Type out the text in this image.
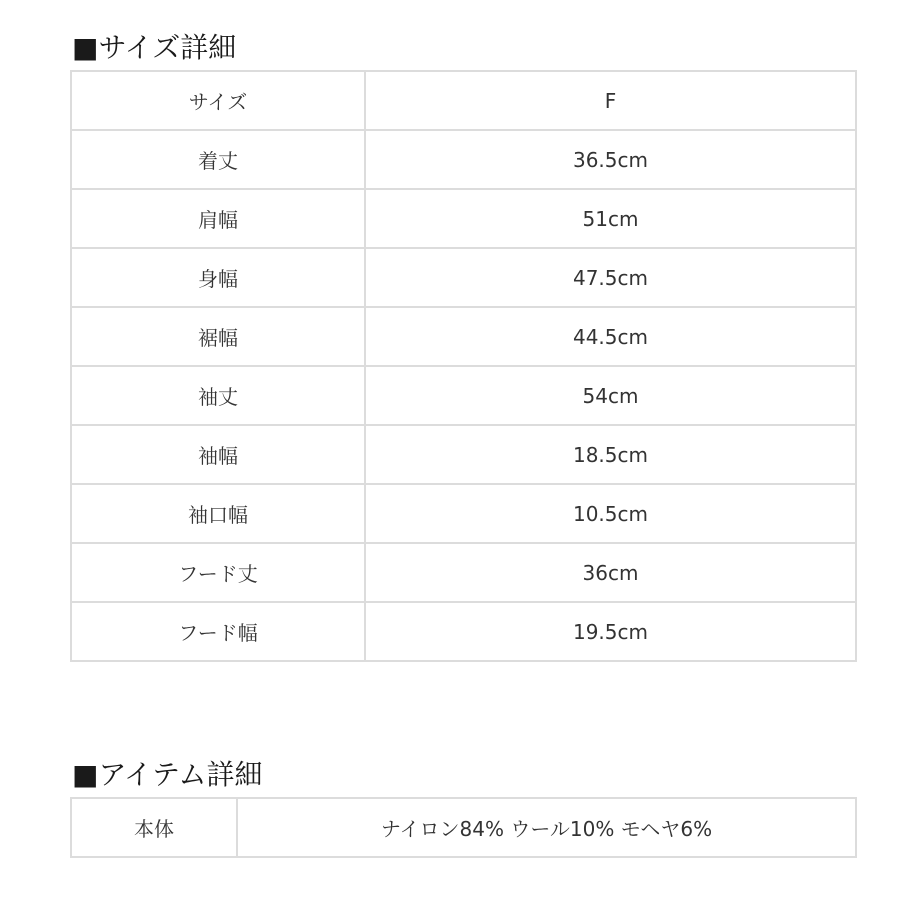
■サイズ詳細
サイズ	F
着丈	36.5cm
肩幅	51cm
身幅	47.5cm
裾幅	44.5cm
袖丈	54cm
袖幅	18.5cm
袖口幅	10.5cm
フード丈	36cm
フード幅	19.5cm
■アイテム詳細
本体	ナイロン84% ウール10% モヘヤ6%
